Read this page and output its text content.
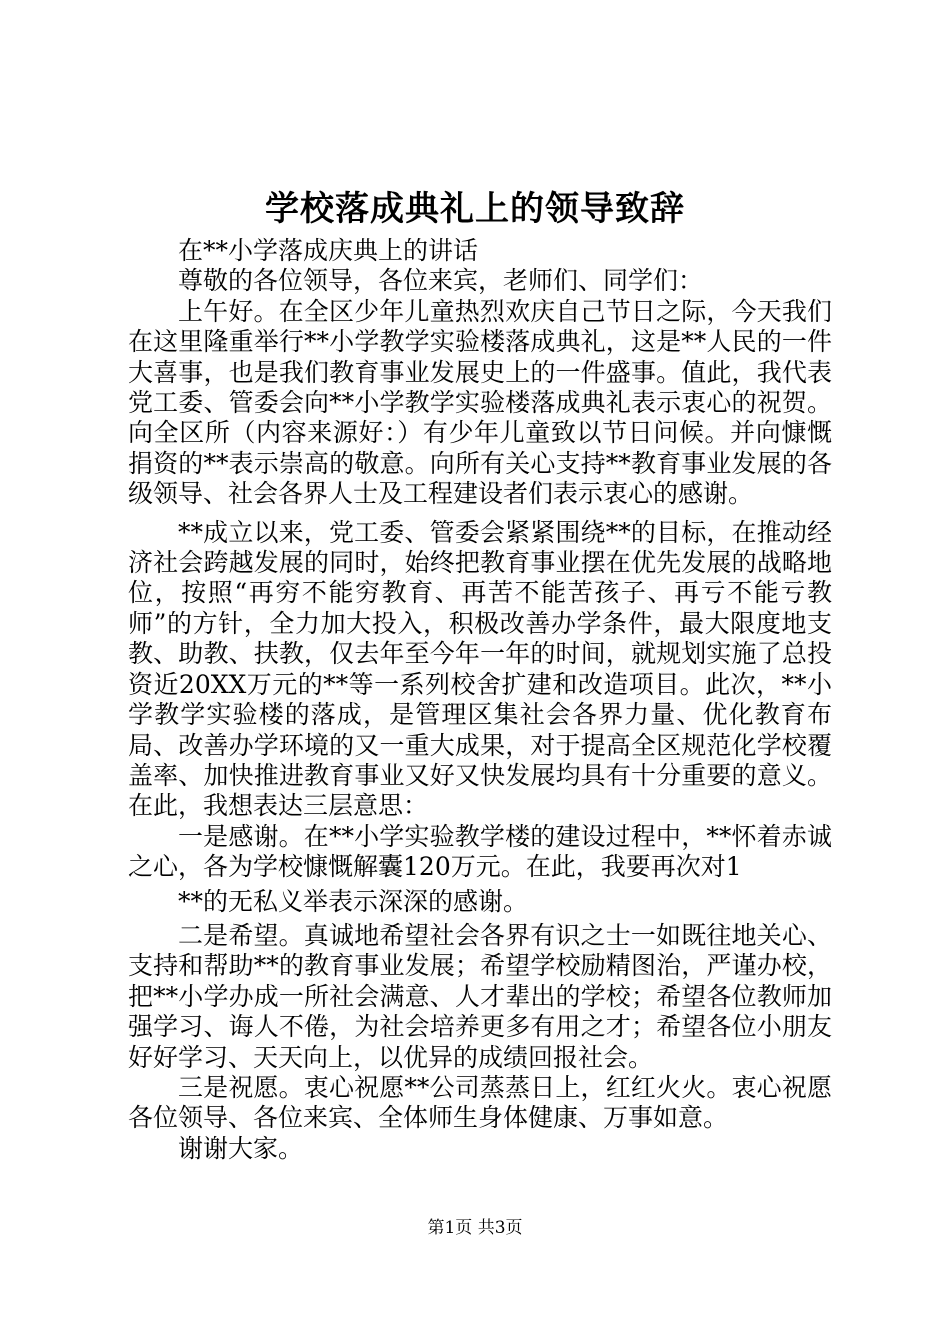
学校落成典礼上的领导致辞

在**小学落成庆典上的讲话

尊敬的各位领导，各位来宾，老师们、同学们：

上午好。在全区少年儿童热烈欢庆自己节日之际，今天我们在这里隆重举行**小学教学实验楼落成典礼，这是**人民的一件大喜事，也是我们教育事业发展史上的一件盛事。值此，我代表党工委、管委会向**小学教学实验楼落成典礼表示衷心的祝贺。向全区所（内容来源好：）有少年儿童致以节日问候。并向慷慨捐资的**表示崇高的敬意。向所有关心支持**教育事业发展的各级领导、社会各界人士及工程建设者们表示衷心的感谢。

**成立以来，党工委、管委会紧紧围绕**的目标，在推动经济社会跨越发展的同时，始终把教育事业摆在优先发展的战略地位，按照“再穷不能穷教育、再苦不能苦孩子、再亏不能亏教师”的方针，全力加大投入，积极改善办学条件，最大限度地支教、助教、扶教，仅去年至今年一年的时间，就规划实施了总投资近20XX万元的**等一系列校舍扩建和改造项目。此次，**小学教学实验楼的落成，是管理区集社会各界力量、优化教育布局、改善办学环境的又一重大成果，对于提高全区规范化学校覆盖率、加快推进教育事业又好又快发展均具有十分重要的意义。在此，我想表达三层意思：

一是感谢。在**小学实验教学楼的建设过程中，**怀着赤诚之心，各为学校慷慨解囊120万元。在此，我要再次对1

**的无私义举表示深深的感谢。

二是希望。真诚地希望社会各界有识之士一如既往地关心、支持和帮助**的教育事业发展；希望学校励精图治，严谨办校，把**小学办成一所社会满意、人才辈出的学校；希望各位教师加强学习、诲人不倦，为社会培养更多有用之才；希望各位小朋友好好学习、天天向上，以优异的成绩回报社会。

三是祝愿。衷心祝愿**公司蒸蒸日上，红红火火。衷心祝愿各位领导、各位来宾、全体师生身体健康、万事如意。

谢谢大家。

第1页 共3页
